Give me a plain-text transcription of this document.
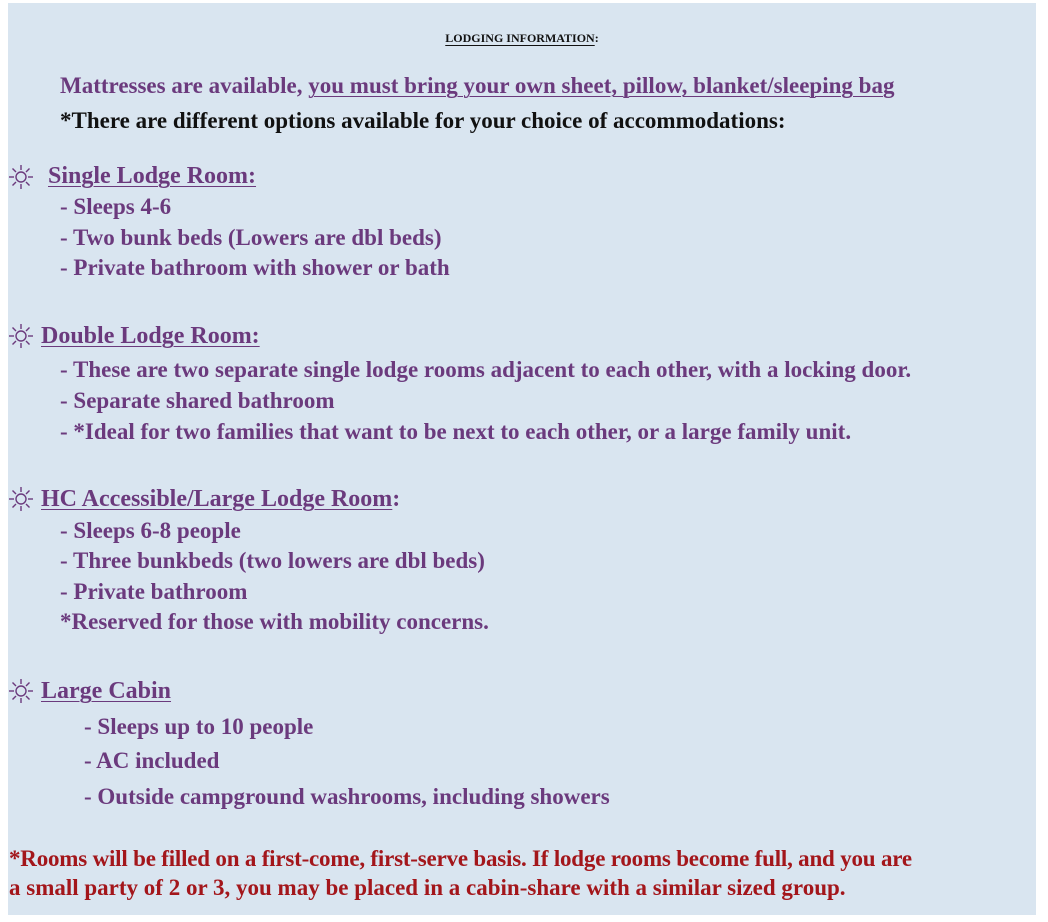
LODGING INFORMATION:
Mattresses are available, you must bring your own sheet, pillow, blanket/sleeping bag
*There are different options available for your choice of accommodations:
Single Lodge Room:
- Sleeps 4-6
- Two bunk beds (Lowers are dbl beds)
- Private bathroom with shower or bath
Double Lodge Room:
- These are two separate single lodge rooms adjacent to each other, with a locking door.
- Separate shared bathroom
- *Ideal for two families that want to be next to each other, or a large family unit.
HC Accessible/Large Lodge Room:
- Sleeps 6-8 people
- Three bunkbeds (two lowers are dbl beds)
- Private bathroom
*Reserved for those with mobility concerns.
Large Cabin
- Sleeps up to 10 people
- AC included
- Outside campground washrooms, including showers
*Rooms will be filled on a first-come, first-serve basis. If lodge rooms become full, and you are
a small party of 2 or 3, you may be placed in a cabin-share with a similar sized group.
